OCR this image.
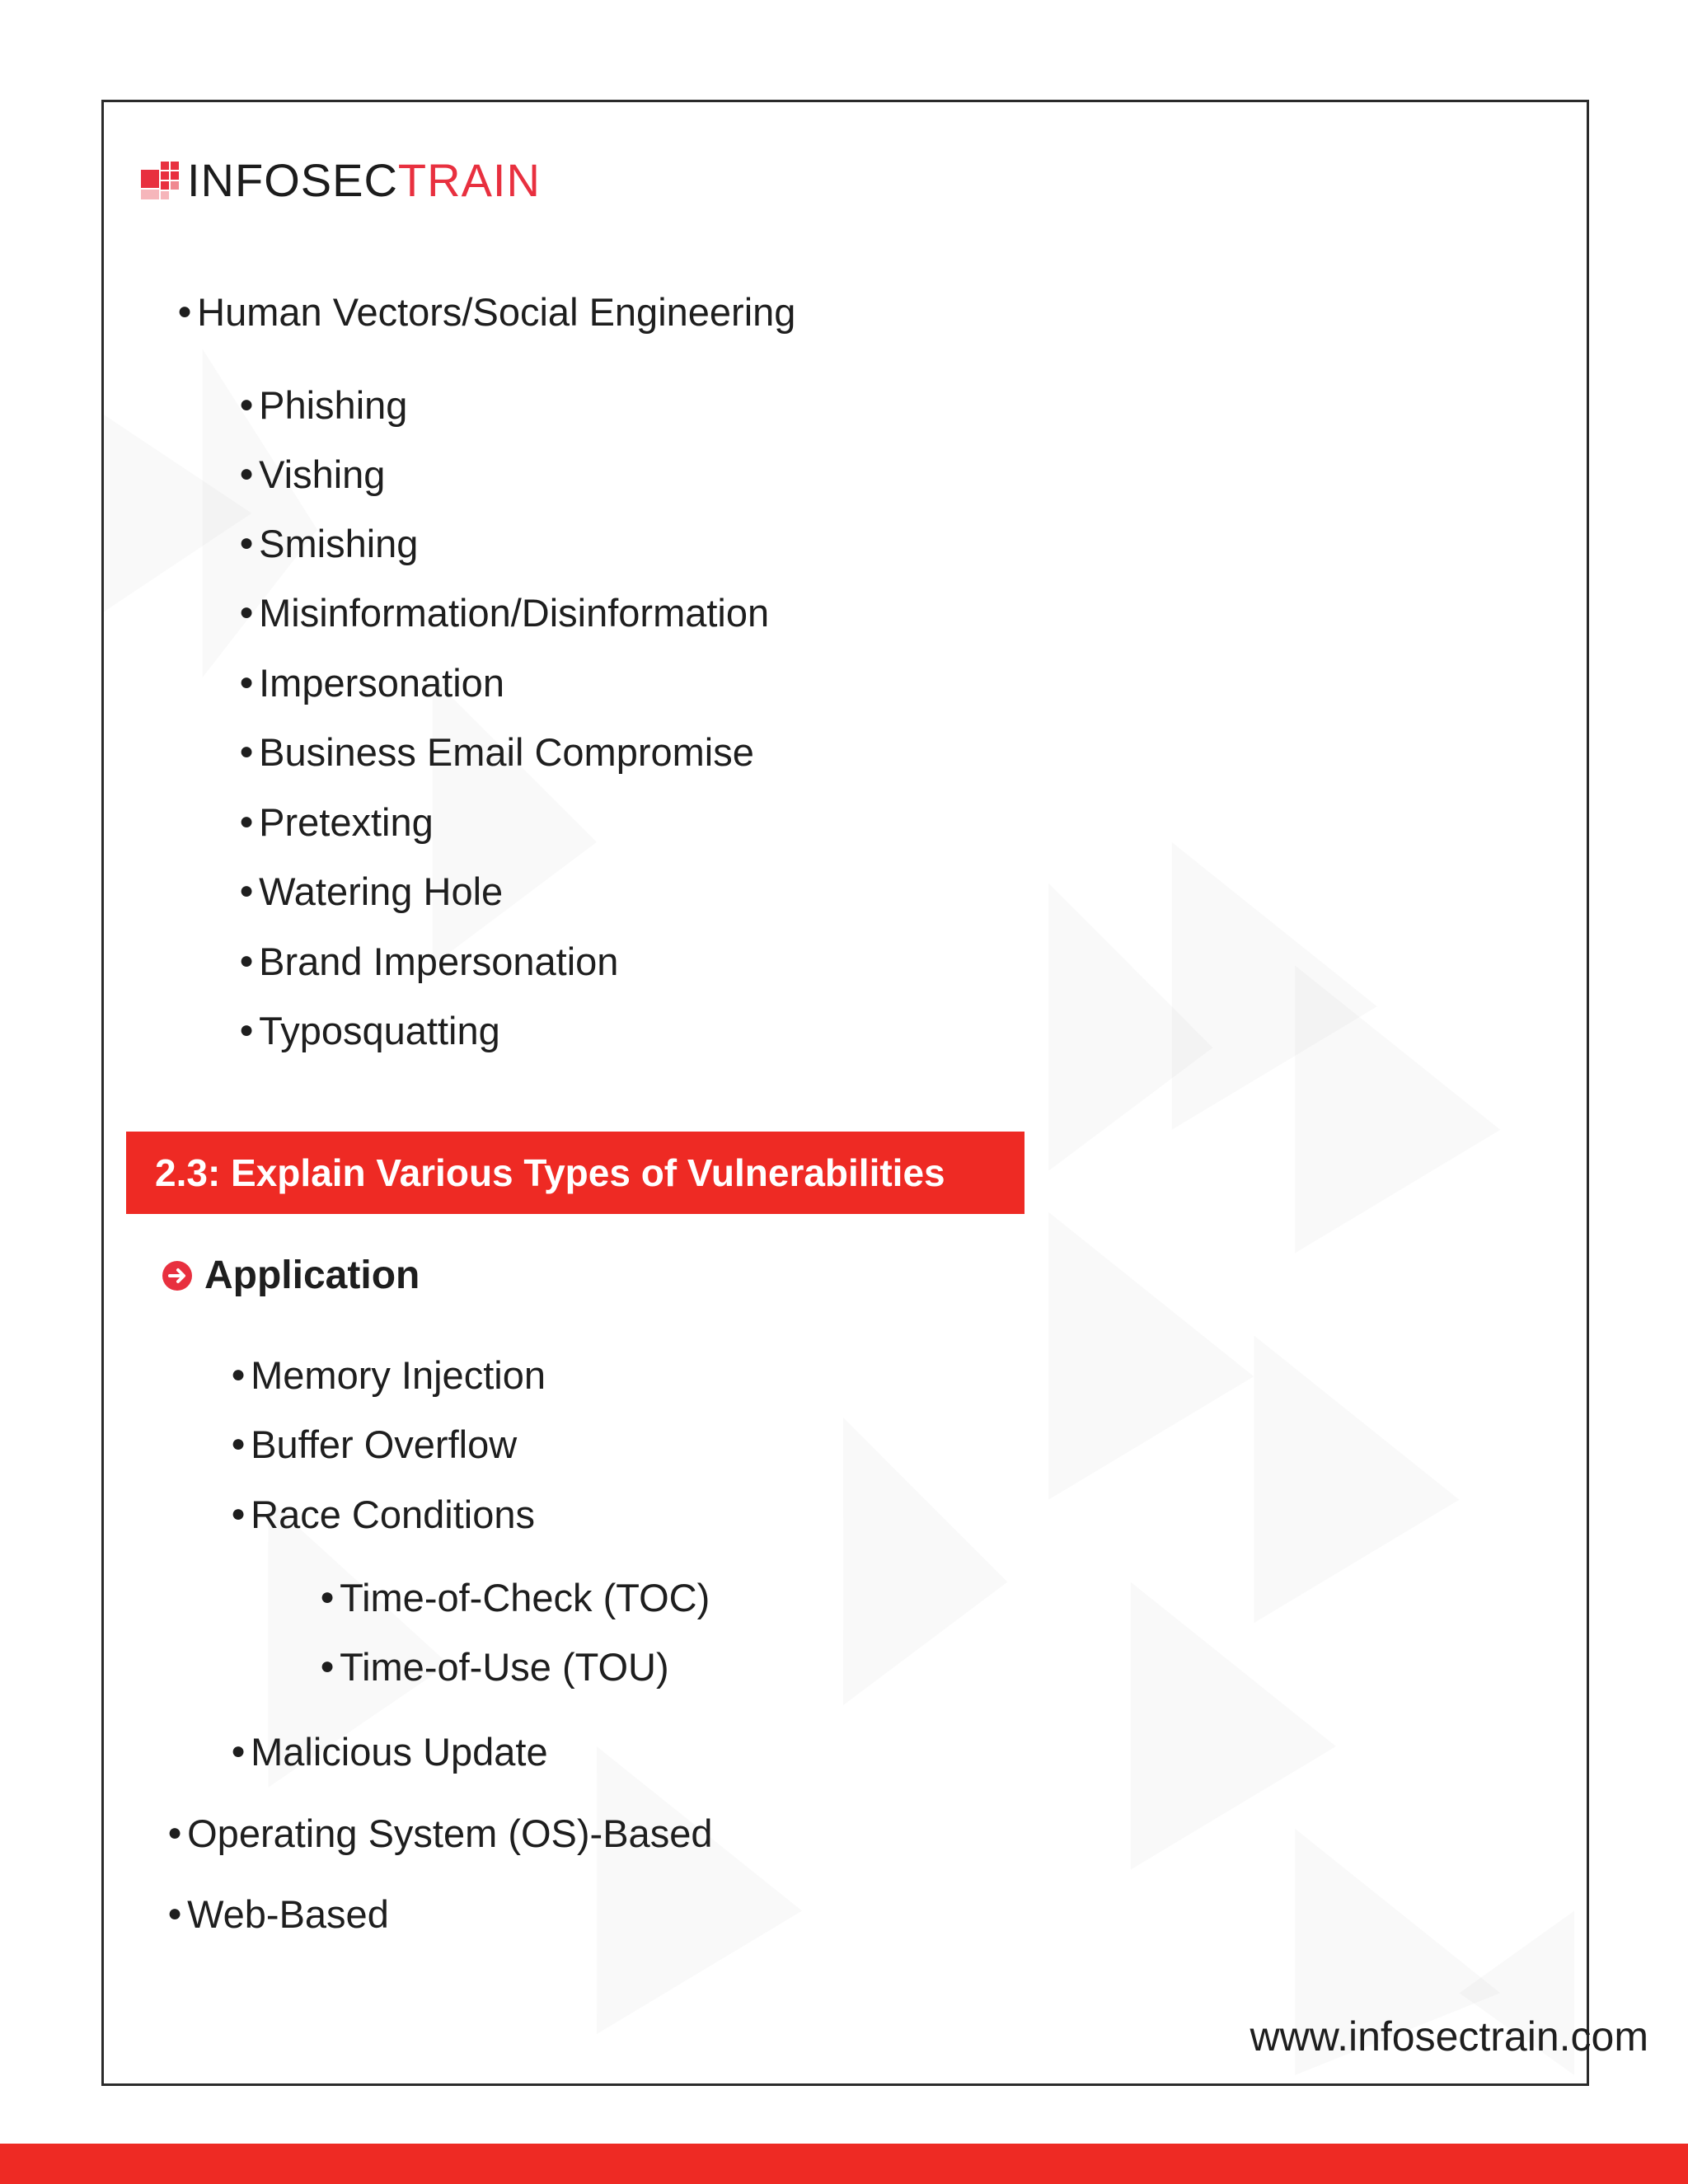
INFOSECTRAIN
● Human Vectors/Social Engineering
● Phishing
● Vishing
● Smishing
● Misinformation/Disinformation
● Impersonation
● Business Email Compromise
● Pretexting
● Watering Hole
● Brand Impersonation
● Typosquatting
2.3: Explain Various Types of Vulnerabilities
Application
● Memory Injection
● Buffer Overflow
● Race Conditions
● Time-of-Check (TOC)
● Time-of-Use (TOU)
● Malicious Update
● Operating System (OS)-Based
● Web-Based
www.infosectrain.com
